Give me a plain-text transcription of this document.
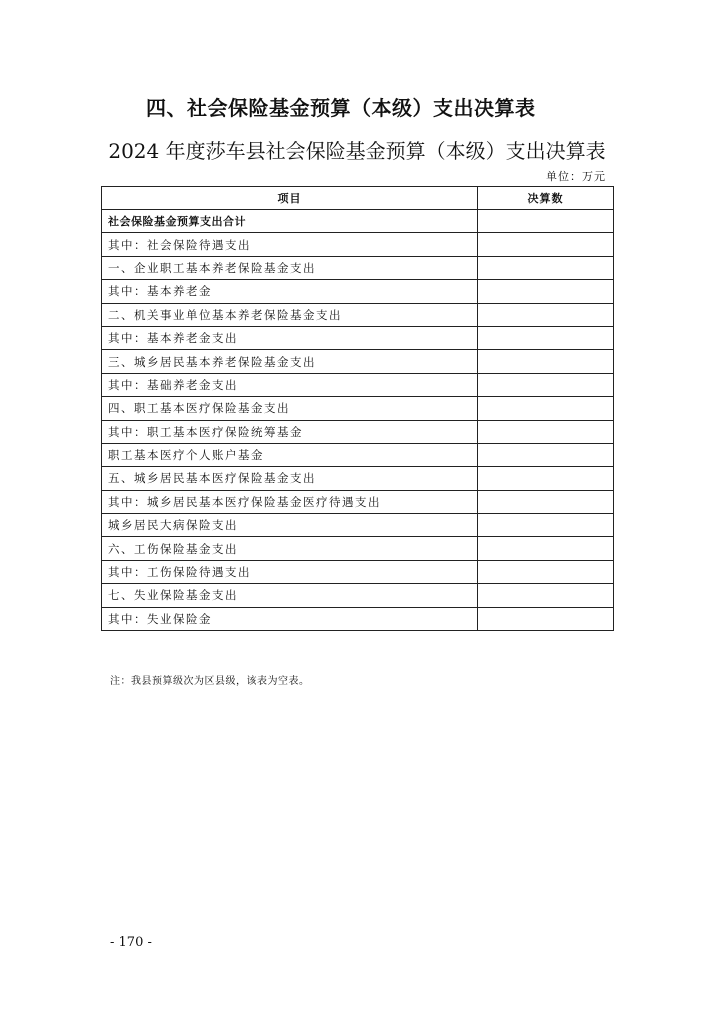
四、社会保险基金预算（本级）支出决算表
2024 年度莎车县社会保险基金预算（本级）支出决算表
单位：万元
项目	决算数
社会保险基金预算支出合计	
其中：社会保险待遇支出	
一、企业职工基本养老保险基金支出	
其中：基本养老金	
二、机关事业单位基本养老保险基金支出	
其中：基本养老金支出	
三、城乡居民基本养老保险基金支出	
其中：基础养老金支出	
四、职工基本医疗保险基金支出	
其中：职工基本医疗保险统筹基金	
职工基本医疗个人账户基金	
五、城乡居民基本医疗保险基金支出	
其中：城乡居民基本医疗保险基金医疗待遇支出	
城乡居民大病保险支出	
六、工伤保险基金支出	
其中：工伤保险待遇支出	
七、失业保险基金支出	
其中：失业保险金	
注：我县预算级次为区县级，该表为空表。
- 170 -
